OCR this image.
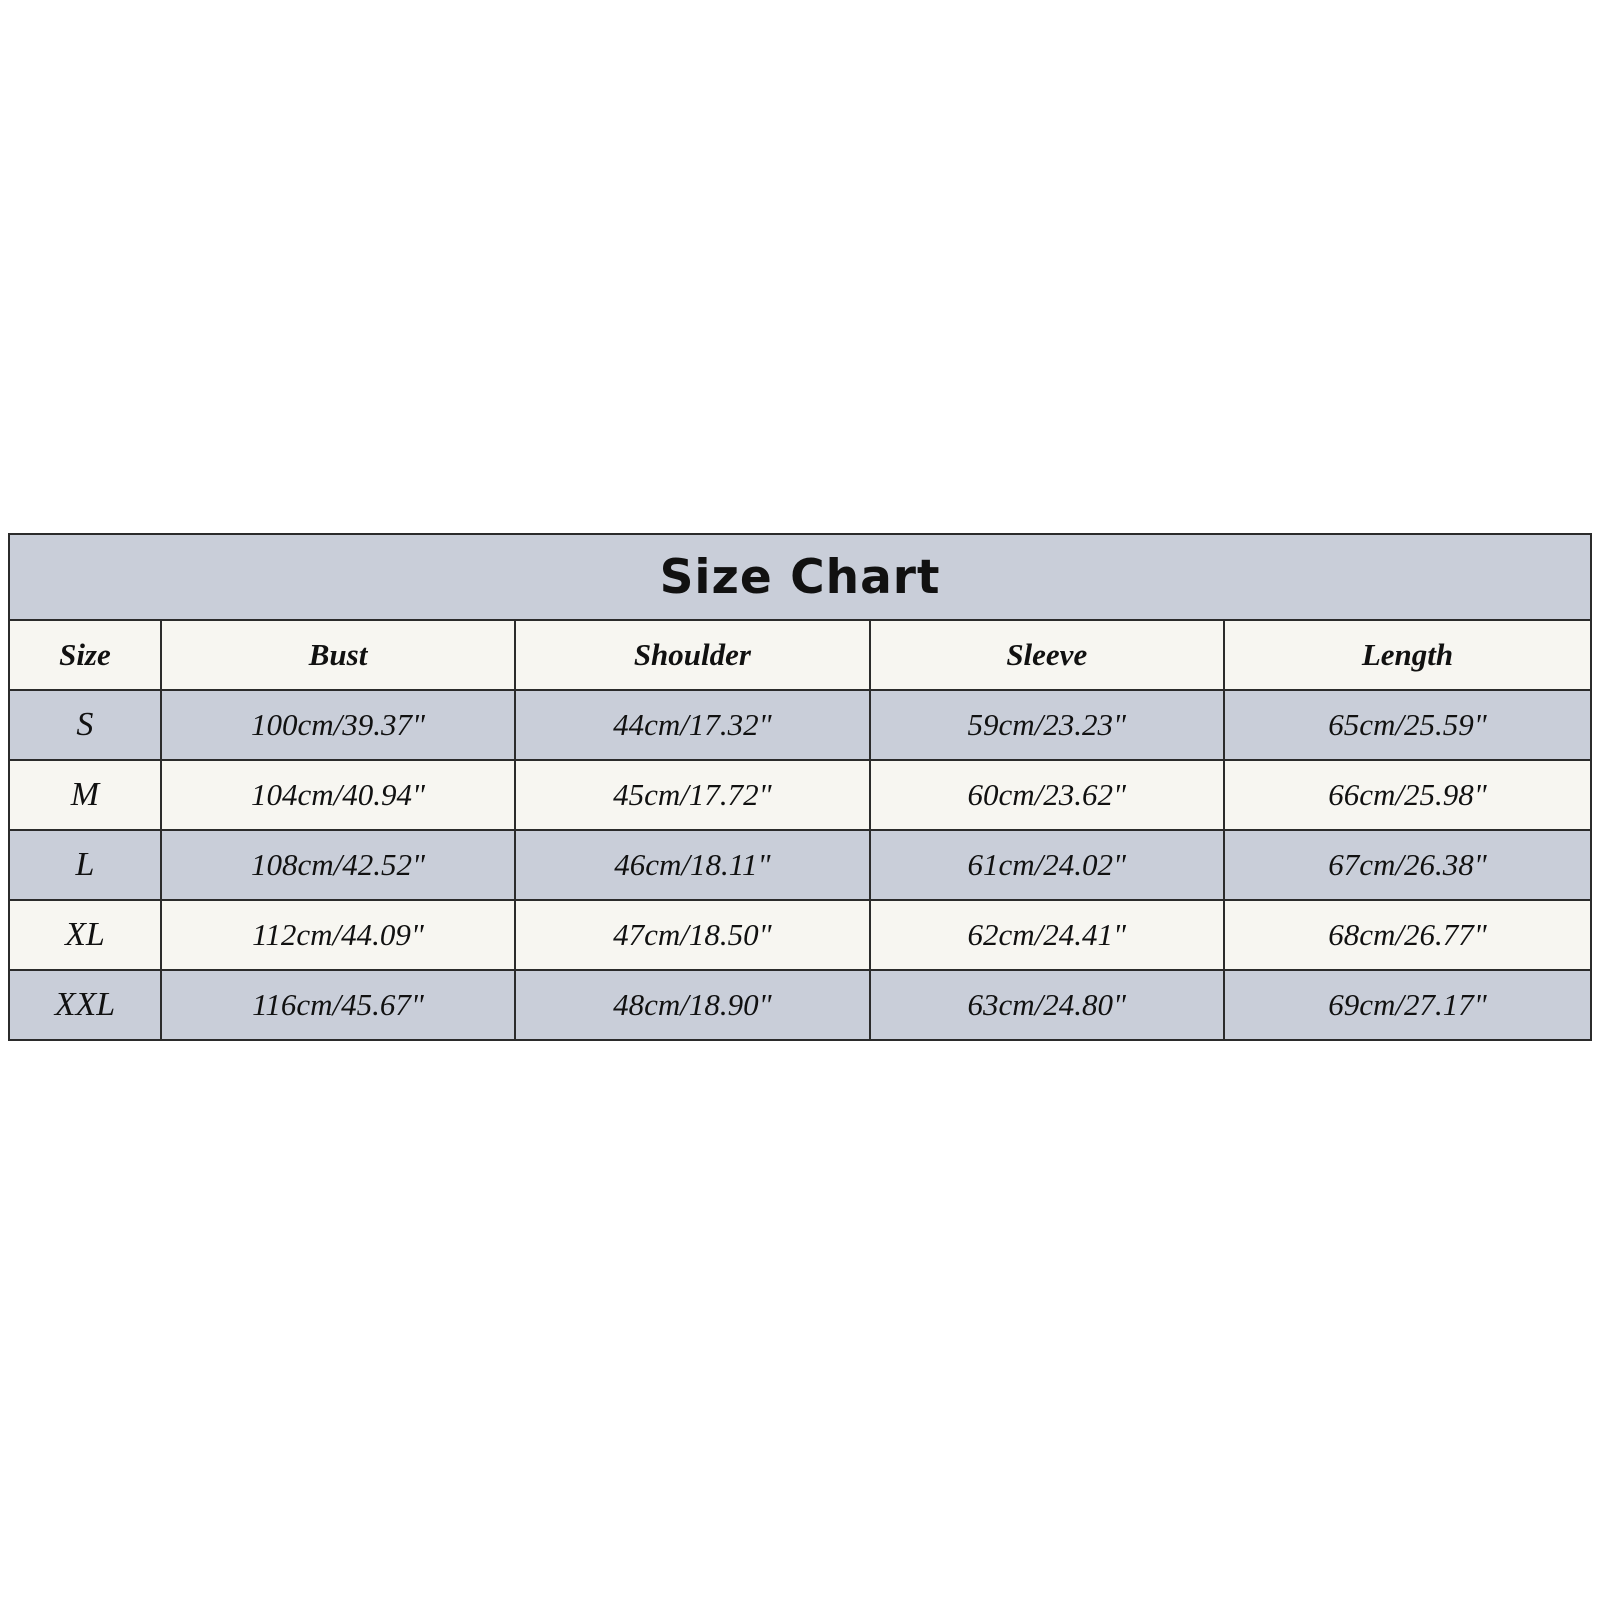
Size Chart				
Size	Bust	Shoulder	Sleeve	Length
S	100cm/39.37"	44cm/17.32"	59cm/23.23"	65cm/25.59"
M	104cm/40.94"	45cm/17.72"	60cm/23.62"	66cm/25.98"
L	108cm/42.52"	46cm/18.11"	61cm/24.02"	67cm/26.38"
XL	112cm/44.09"	47cm/18.50"	62cm/24.41"	68cm/26.77"
XXL	116cm/45.67"	48cm/18.90"	63cm/24.80"	69cm/27.17"
